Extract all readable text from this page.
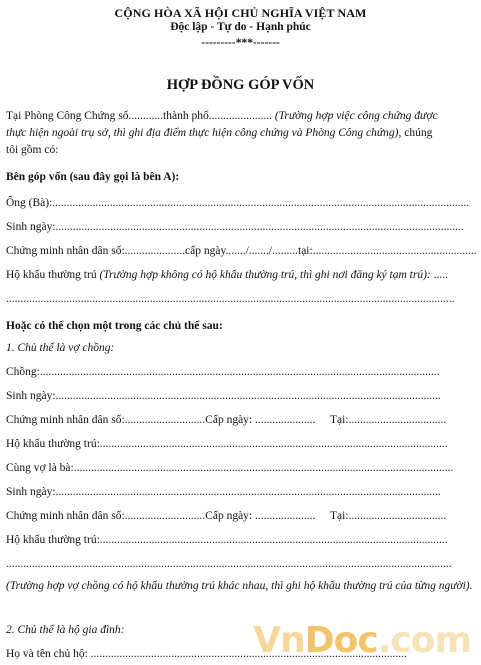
CỘNG HÒA XÃ HỘI CHỦ NGHĨA VIỆT NAM
Độc lập - Tự do - Hạnh phúc
---------***-------
HỢP ĐỒNG GÓP VỐN
Tại Phòng Công Chứng số............thành phố...................... (Trường hợp việc công chứng được
thực hiện ngoài trụ sở, thì ghi địa điểm thực hiện công chứng và Phòng Công chứng), chúng
tôi gồm có:
Bên góp vốn (sau đây gọi là bên A):
Ông (Bà):.................................................................................................................................................
Sinh ngày:..............................................................................................................................................
Chứng minh nhân dân số:.....................cấp ngày......./......./.........tại:.........................................................
Hộ khẩu thường trú (Trường hợp không có hộ khẩu thường trú, thì ghi nơi đăng ký tạm trú): .....
............................................................................................................................................................
Hoặc có thể chọn một trong các chủ thể sau:
1. Chủ thể là vợ chồng:
Chồng:...........................................................................................................................................
Sinh ngày:......................................................................................................................................
Chứng minh nhân dân số:............................Cấp ngày: ..................... Tại:..................................
Hộ khẩu thường trú:.........................................................................................................................
Cùng vợ là bà:....................................................................................................................................
Sinh ngày:......................................................................................................................................
Chứng minh nhân dân số:............................Cấp ngày: ..................... Tại:..................................
Hộ khẩu thường trú:.........................................................................................................................
...........................................................................................................................................................
(Trường hợp vợ chồng có hộ khẩu thường trú khác nhau, thì ghi hộ khẩu thường trú của từng người).
2. Chủ thể là hộ gia đình:
Họ và tên chủ hộ: ..............................................................................................................
VnDoc.com
